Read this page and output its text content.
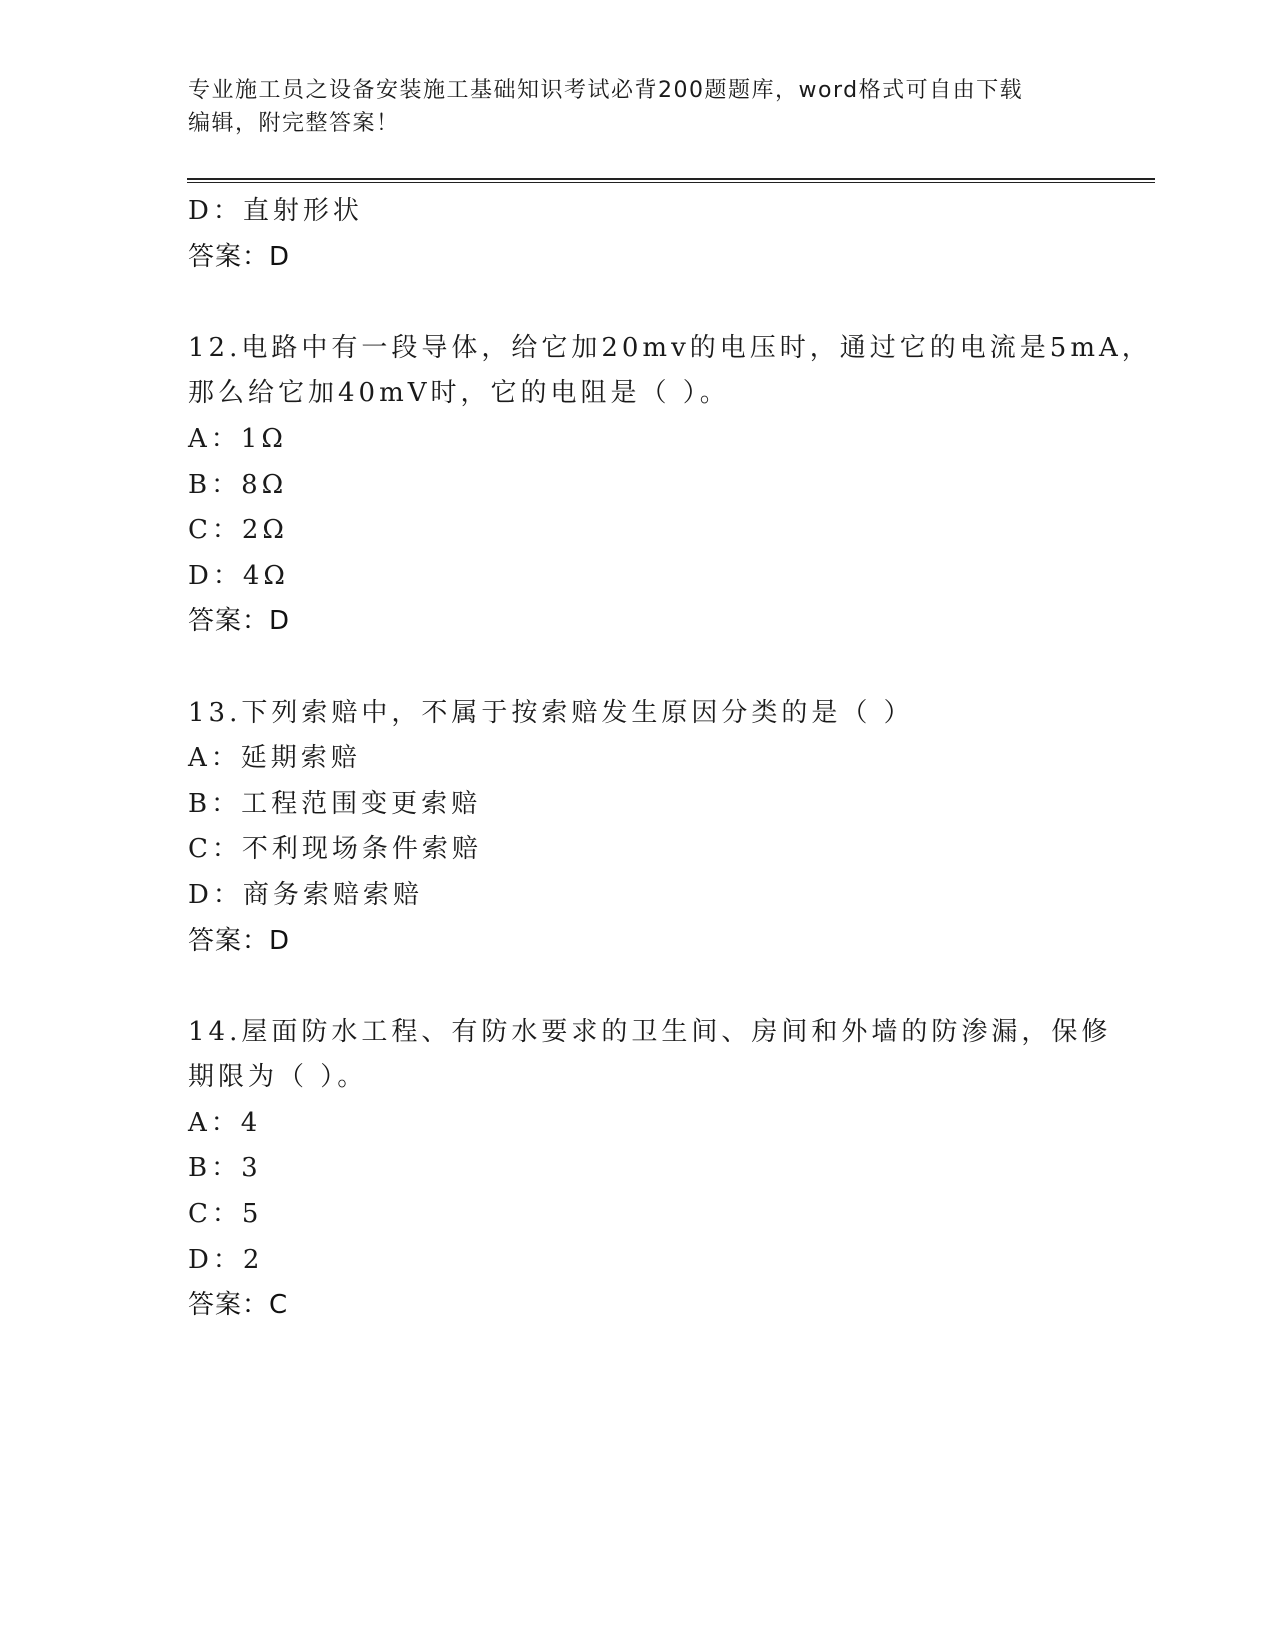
专业施工员之设备安装施工基础知识考试必背200题题库，word格式可自由下载
编辑，附完整答案！
D：直射形状
答案：D
12.电路中有一段导体，给它加20mv的电压时，通过它的电流是5mA，
那么给它加40mV时，它的电阻是（ ）。
A：1Ω
B：8Ω
C：2Ω
D：4Ω
答案：D
13.下列索赔中，不属于按索赔发生原因分类的是（ ）
A：延期索赔
B：工程范围变更索赔
C：不利现场条件索赔
D：商务索赔索赔
答案：D
14.屋面防水工程、有防水要求的卫生间、房间和外墙的防渗漏，保修
期限为（ ）。
A：4
B：3
C：5
D：2
答案：C
